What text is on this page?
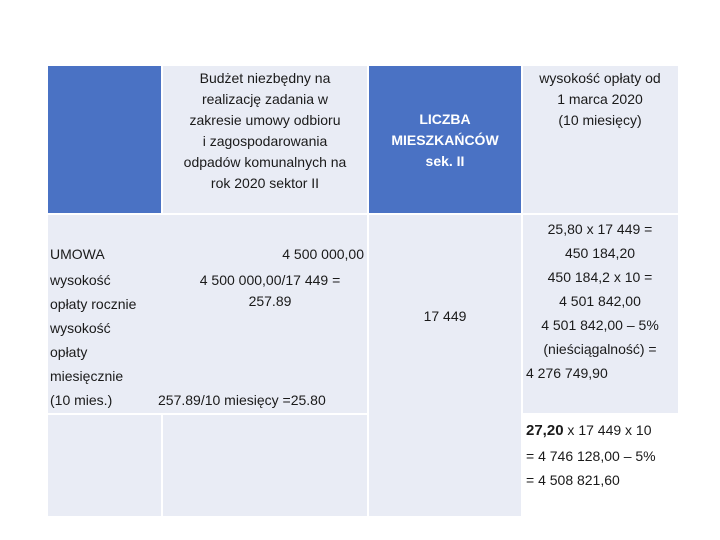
Budżet niezbędny na
realizację zadania w
zakresie umowy odbioru
i zagospodarowania
odpadów komunalnych na
rok 2020 sektor II
LICZBA
MIESZKAŃCÓW
sek. II
wysokość opłaty od
1 marca 2020
(10 miesięcy)
UMOWA
wysokość
opłaty rocznie
wysokość
opłaty
miesięcznie
(10 mies.)
4 500 000,00
4 500 000,00/17 449 =
257.89
257.89/10 miesięcy =25.80
17 449
25,80 x 17 449 =
450 184,20
450 184,2 x 10 =
4 501 842,00
4 501 842,00 – 5%
(nieściągalność) =
4 276 749,90
27,20 x 17 449 x 10
= 4 746 128,00 – 5%
= 4 508 821,60
